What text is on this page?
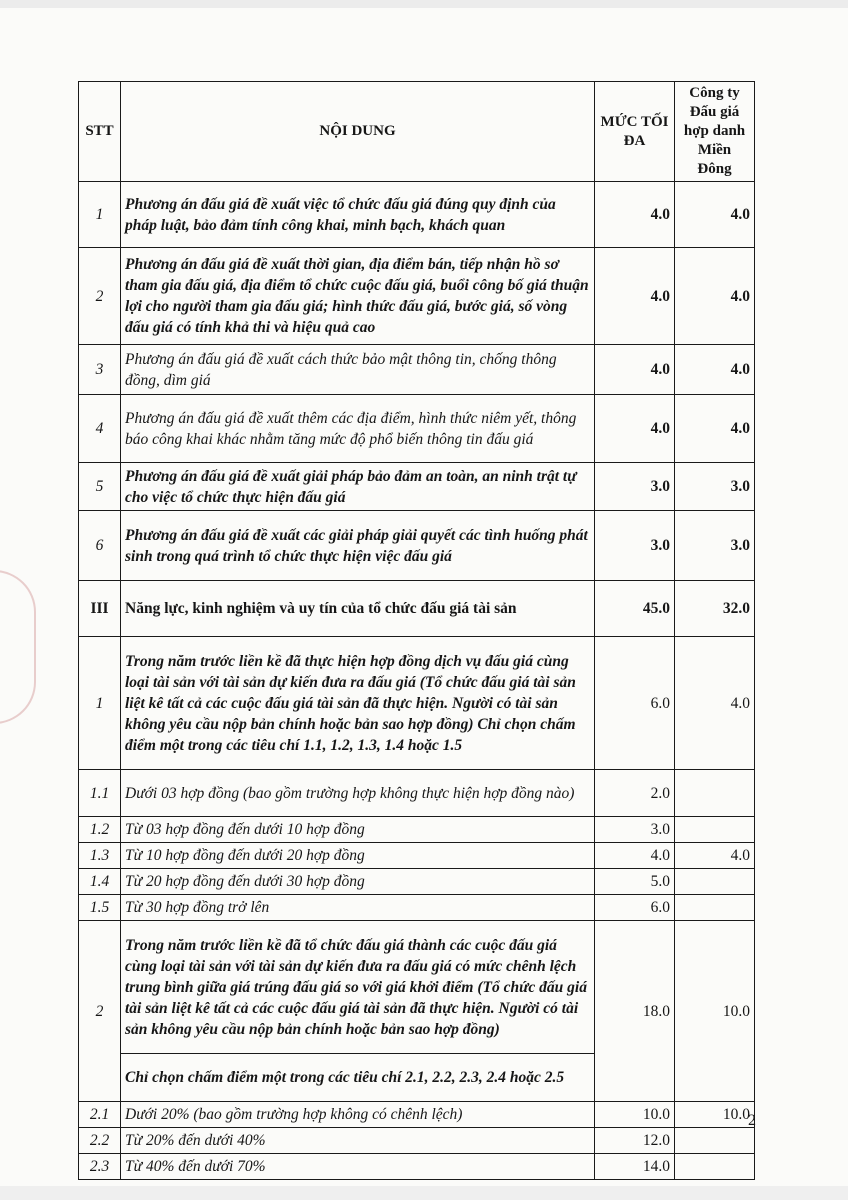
STT	NỘI DUNG	MỨC TỐI ĐA	Công ty Đấu giá hợp danh Miền Đông
1	Phương án đấu giá đề xuất việc tổ chức đấu giá đúng quy định của pháp luật, bảo đảm tính công khai, minh bạch, khách quan	4.0	4.0
2	Phương án đấu giá đề xuất thời gian, địa điểm bán, tiếp nhận hồ sơ tham gia đấu giá, địa điểm tổ chức cuộc đấu giá, buổi công bố giá thuận lợi cho người tham gia đấu giá; hình thức đấu giá, bước giá, số vòng đấu giá có tính khả thi và hiệu quả cao	4.0	4.0
3	Phương án đấu giá đề xuất cách thức bảo mật thông tin, chống thông đồng, dìm giá	4.0	4.0
4	Phương án đấu giá đề xuất thêm các địa điểm, hình thức niêm yết, thông báo công khai khác nhằm tăng mức độ phổ biến thông tin đấu giá	4.0	4.0
5	Phương án đấu giá đề xuất giải pháp bảo đảm an toàn, an ninh trật tự cho việc tổ chức thực hiện đấu giá	3.0	3.0
6	Phương án đấu giá đề xuất các giải pháp giải quyết các tình huống phát sinh trong quá trình tổ chức thực hiện việc đấu giá	3.0	3.0
III	Năng lực, kinh nghiệm và uy tín của tổ chức đấu giá tài sản	45.0	32.0
1	Trong năm trước liền kề đã thực hiện hợp đồng dịch vụ đấu giá cùng loại tài sản với tài sản dự kiến đưa ra đấu giá (Tổ chức đấu giá tài sản liệt kê tất cả các cuộc đấu giá tài sản đã thực hiện. Người có tài sản không yêu cầu nộp bản chính hoặc bản sao hợp đồng) Chỉ chọn chấm điểm một trong các tiêu chí 1.1, 1.2, 1.3, 1.4 hoặc 1.5	6.0	4.0
1.1	Dưới 03 hợp đồng (bao gồm trường hợp không thực hiện hợp đồng nào)	2.0	
1.2	Từ 03 hợp đồng đến dưới 10 hợp đồng	3.0	
1.3	Từ 10 hợp đồng đến dưới 20 hợp đồng	4.0	4.0
1.4	Từ 20 hợp đồng đến dưới 30 hợp đồng	5.0	
1.5	Từ 30 hợp đồng trở lên	6.0	
2	Trong năm trước liền kề đã tổ chức đấu giá thành các cuộc đấu giá cùng loại tài sản với tài sản dự kiến đưa ra đấu giá có mức chênh lệch trung bình giữa giá trúng đấu giá so với giá khởi điểm (Tổ chức đấu giá tài sản liệt kê tất cả các cuộc đấu giá tài sản đã thực hiện. Người có tài sản không yêu cầu nộp bản chính hoặc bản sao hợp đồng)	18.0	10.0
	Chỉ chọn chấm điểm một trong các tiêu chí 2.1, 2.2, 2.3, 2.4 hoặc 2.5		
2.1	Dưới 20% (bao gồm trường hợp không có chênh lệch)	10.0	10.0
2.2	Từ 20% đến dưới 40%	12.0	
2.3	Từ 40% đến dưới 70%	14.0	
2
